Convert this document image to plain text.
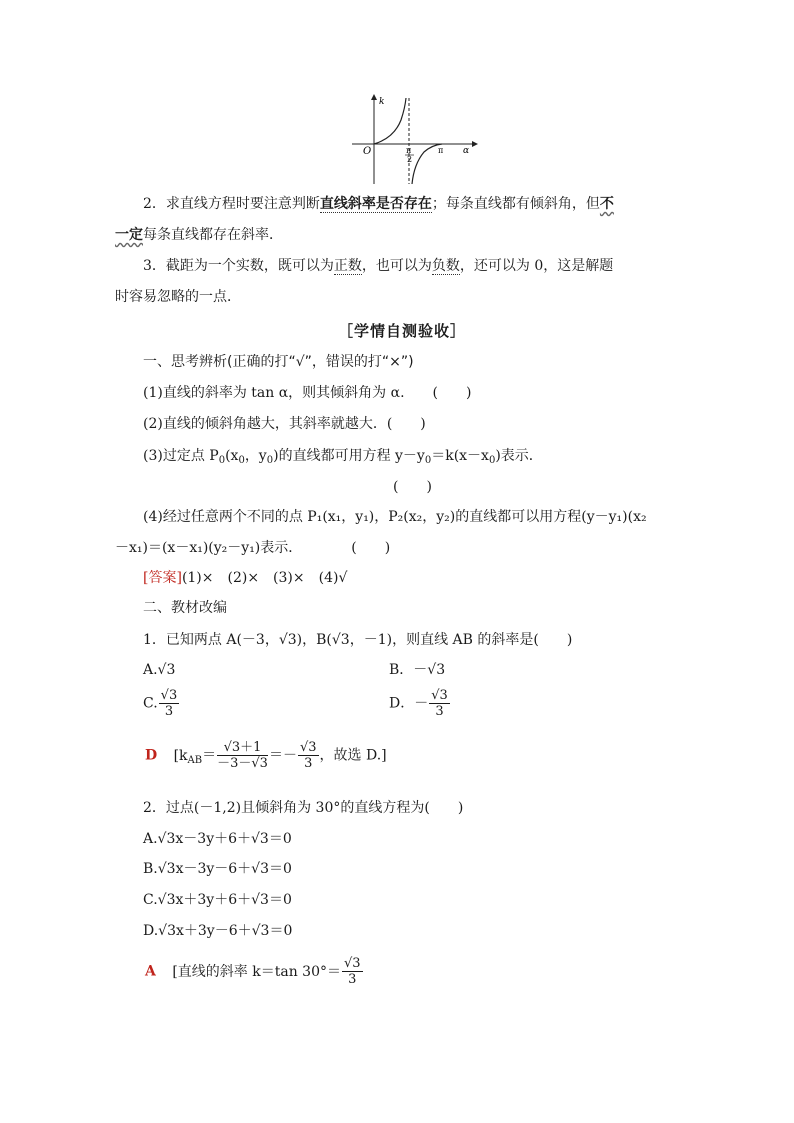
k
α
O	π
2
π
2．求直线方程时要注意判断直线斜率是否存在；每条直线都有倾斜角，但不
一定每条直线都存在斜率．
3．截距为一个实数，既可以为正数，也可以为负数，还可以为 0，这是解题
时容易忽略的一点．
［学情自测验收］
一、思考辨析(正确的打“√”，错误的打“×”)
(1)直线的斜率为 tan α，则其倾斜角为 α.　　(　　)
(2)直线的倾斜角越大，其斜率就越大．(　　)
(3)过定点 $P_0(x_0$，$y_0$)的直线都可用方程 $y-y_0=k(x-x_0)$表示．
(　　)
(4)经过任意两个不同的点 P₁(x₁，y₁)，P₂(x₂，y₂)的直线都可以用方程(y－y₁)(x₂
－x₁)＝(x－x₁)(y₂－y₁)表示．　　　　(　　)
[答案](1)×　(2)×　(3)×　(4)√
二、教材改编
1．已知两点 A(－3，√3)，B(√3，－1)，则直线 AB 的斜率是(　　)
A.√3	B．－√3
C. $\frac{√3}{3}$	D．－ $\frac{√3}{3}$
D [$k_{AB}= \frac{√3+1}{-3-√3} =- \frac{√3}{3}$ ，故选 D.]
2．过点(－1,2)且倾斜角为 30°的直线方程为(　　)
A.√3x－3y＋6＋√3＝0
B.√3x－3y－6＋√3＝0
C.√3x＋3y＋6＋√3＝0
D.√3x＋3y－6＋√3＝0
A [直线的斜率 k＝tan $30^\circ= \frac{√3}{3}$
